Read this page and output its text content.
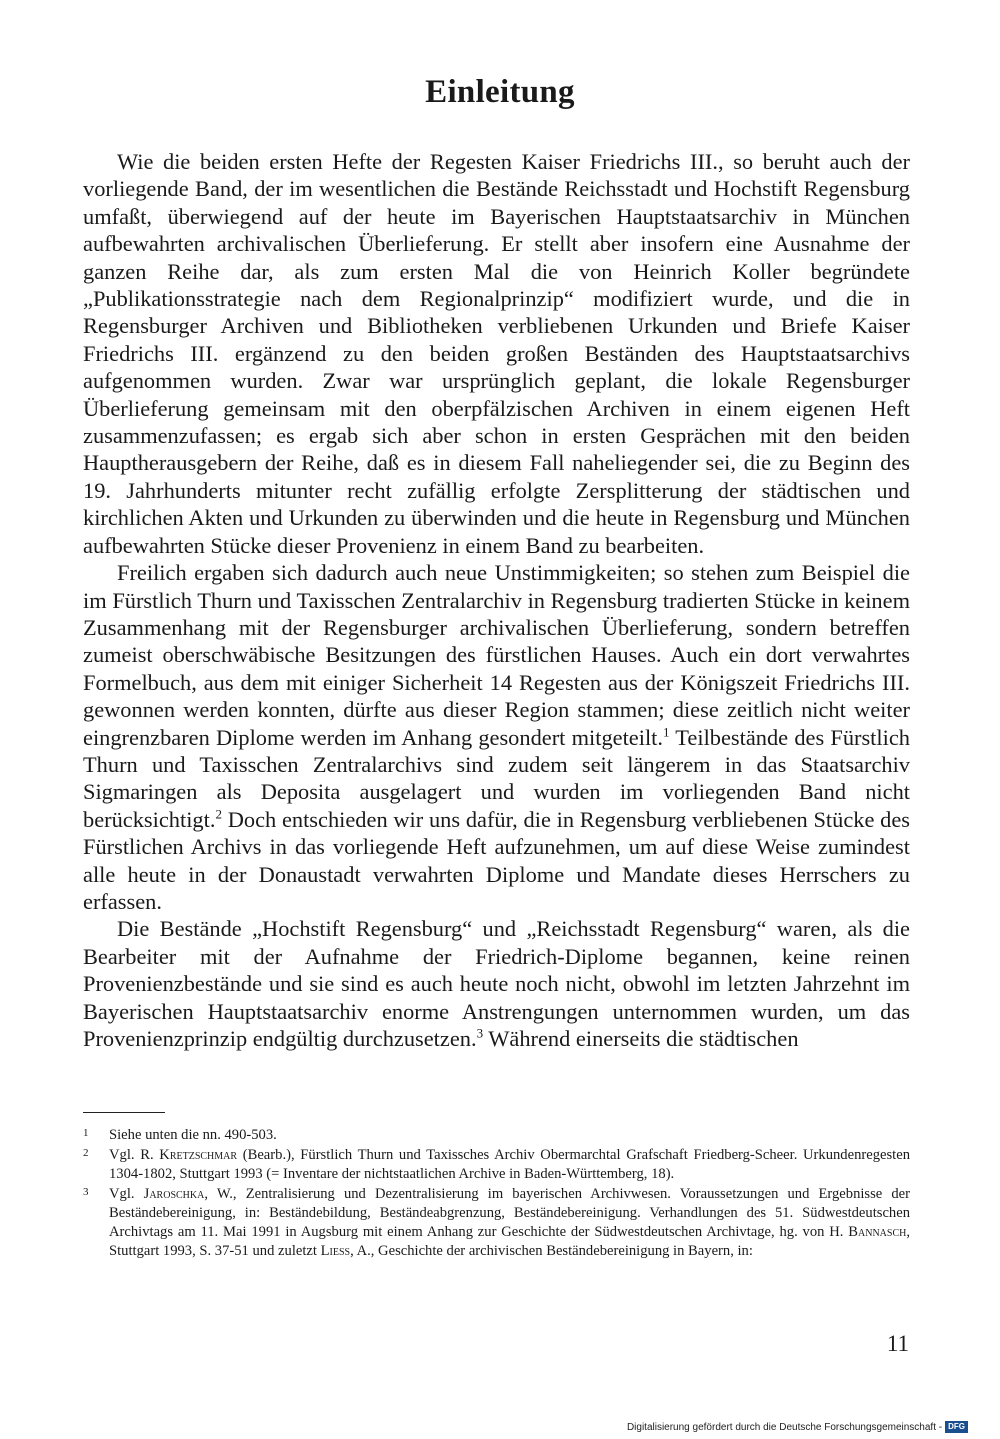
Einleitung

Wie die beiden ersten Hefte der Regesten Kaiser Friedrichs III., so beruht auch der vorliegende Band, der im wesentlichen die Bestände Reichsstadt und Hochstift Regensburg umfaßt, überwiegend auf der heute im Bayerischen Hauptstaatsarchiv in München aufbewahrten archivalischen Überlieferung. Er stellt aber insofern eine Ausnahme der ganzen Reihe dar, als zum ersten Mal die von Heinrich Koller begründete „Publikationsstrategie nach dem Regionalprinzip“ modifiziert wurde, und die in Regensburger Archiven und Bibliotheken verbliebenen Urkunden und Briefe Kaiser Friedrichs III. ergänzend zu den beiden großen Beständen des Hauptstaatsarchivs aufgenommen wurden. Zwar war ursprünglich geplant, die lokale Regensburger Überlieferung gemeinsam mit den oberpfälzischen Archiven in einem eigenen Heft zusammenzufassen; es ergab sich aber schon in ersten Gesprächen mit den beiden Hauptherausgebern der Reihe, daß es in diesem Fall naheliegender sei, die zu Beginn des 19. Jahrhunderts mitunter recht zufällig erfolgte Zersplitterung der städtischen und kirchlichen Akten und Urkunden zu überwinden und die heute in Regensburg und München aufbewahrten Stücke dieser Provenienz in einem Band zu bearbeiten.

Freilich ergaben sich dadurch auch neue Unstimmigkeiten; so stehen zum Beispiel die im Fürstlich Thurn und Taxisschen Zentralarchiv in Regensburg tradierten Stücke in keinem Zusammenhang mit der Regensburger archivalischen Überlieferung, sondern betreffen zumeist oberschwäbische Besitzungen des fürstlichen Hauses. Auch ein dort verwahrtes Formelbuch, aus dem mit einiger Sicherheit 14 Regesten aus der Königszeit Friedrichs III. gewonnen werden konnten, dürfte aus dieser Region stammen; diese zeitlich nicht weiter eingrenzbaren Diplome werden im Anhang gesondert mitgeteilt.$^1$ Teilbestände des Fürstlich Thurn und Taxisschen Zentralarchivs sind zudem seit längerem in das Staatsarchiv Sigmaringen als Deposita ausgelagert und wurden im vorliegenden Band nicht berücksichtigt.$^2$ Doch entschieden wir uns dafür, die in Regensburg verbliebenen Stücke des Fürstlichen Archivs in das vorliegende Heft aufzunehmen, um auf diese Weise zumindest alle heute in der Donaustadt verwahrten Diplome und Mandate dieses Herrschers zu erfassen.

Die Bestände „Hochstift Regensburg“ und „Reichsstadt Regensburg“ waren, als die Bearbeiter mit der Aufnahme der Friedrich-Diplome begannen, keine reinen Provenienzbestände und sie sind es auch heute noch nicht, obwohl im letzten Jahrzehnt im Bayerischen Hauptstaatsarchiv enorme Anstrengungen unternommen wurden, um das Provenienzprinzip endgültig durchzusetzen.$^3$ Während einerseits die städtischen

1 Siehe unten die nn. 490-503.
2 Vgl. R. Kretzschmar (Bearb.), Fürstlich Thurn und Taxissches Archiv Obermarchtal Grafschaft Friedberg-Scheer. Urkundenregesten 1304-1802, Stuttgart 1993 (= Inventare der nichtstaatlichen Archive in Baden-Württemberg, 18).
3 Vgl. Jaroschka, W., Zentralisierung und Dezentralisierung im bayerischen Archivwesen. Voraussetzungen und Ergebnisse der Beständebereinigung, in: Beständebildung, Beständeabgrenzung, Beständebereinigung. Verhandlungen des 51. Südwestdeutschen Archivtags am 11. Mai 1991 in Augsburg mit einem Anhang zur Geschichte der Südwestdeutschen Archivtage, hg. von H. Bannasch, Stuttgart 1993, S. 37-51 und zuletzt Liess, A., Geschichte der archivischen Beständebereinigung in Bayern, in:
11
Digitalisierung gefördert durch die Deutsche Forschungsgemeinschaft - DFG
